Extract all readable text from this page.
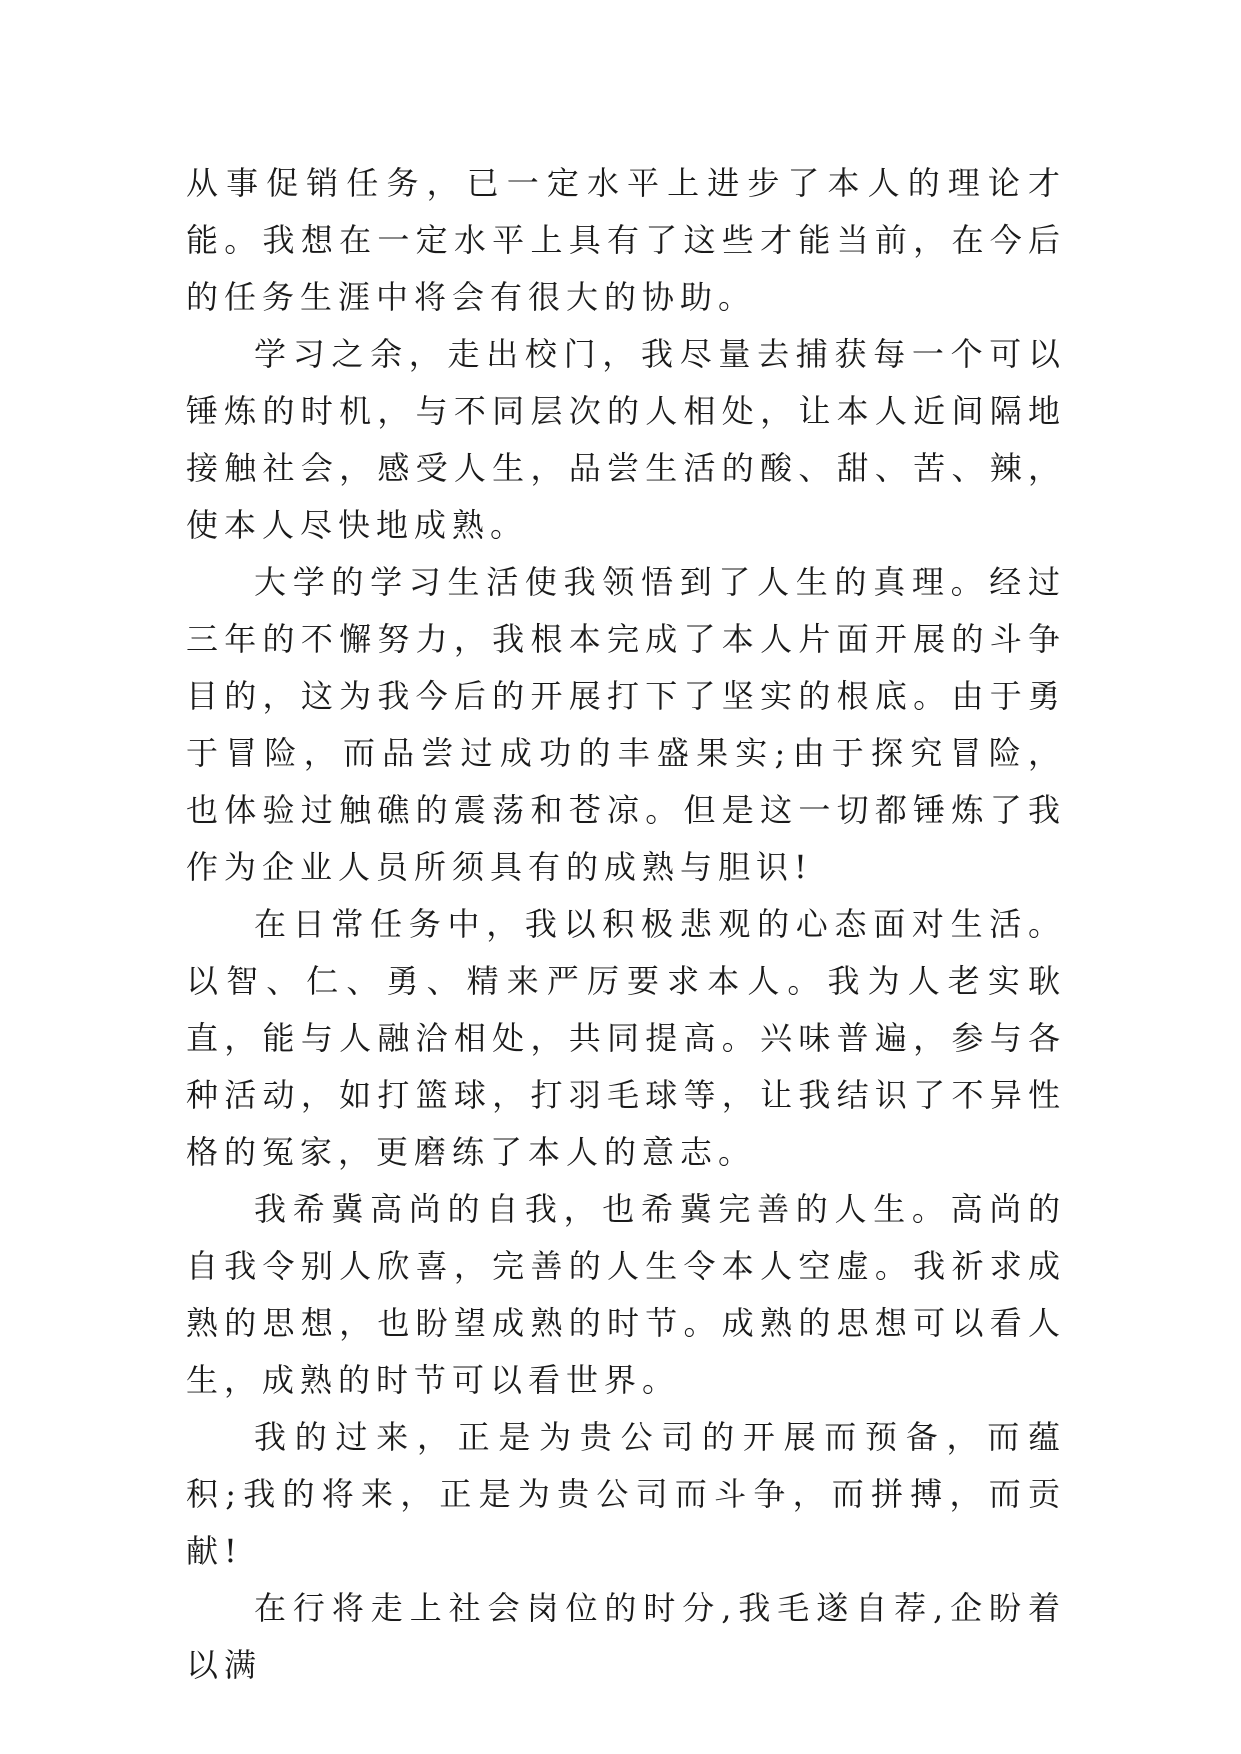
从事促销任务，已一定水平上进步了本人的理论才能。我想在一定水平上具有了这些才能当前，在今后的任务生涯中将会有很大的协助。

学习之余，走出校门，我尽量去捕获每一个可以锤炼的时机，与不同层次的人相处，让本人近间隔地接触社会，感受人生，品尝生活的酸、甜、苦、辣，使本人尽快地成熟。

大学的学习生活使我领悟到了人生的真理。经过三年的不懈努力，我根本完成了本人片面开展的斗争目的，这为我今后的开展打下了坚实的根底。由于勇于冒险，而品尝过成功的丰盛果实;由于探究冒险，也体验过触礁的震荡和苍凉。但是这一切都锤炼了我作为企业人员所须具有的成熟与胆识!

在日常任务中，我以积极悲观的心态面对生活。以智、仁、勇、精来严厉要求本人。我为人老实耿直，能与人融洽相处，共同提高。兴味普遍，参与各种活动，如打篮球，打羽毛球等，让我结识了不异性格的冤家，更磨练了本人的意志。

我希冀高尚的自我，也希冀完善的人生。高尚的自我令别人欣喜，完善的人生令本人空虚。我祈求成熟的思想，也盼望成熟的时节。成熟的思想可以看人生，成熟的时节可以看世界。

我的过来，正是为贵公司的开展而预备，而蕴积;我的将来，正是为贵公司而斗争，而拼搏，而贡献!

在行将走上社会岗位的时分,我毛遂自荐,企盼着以满
